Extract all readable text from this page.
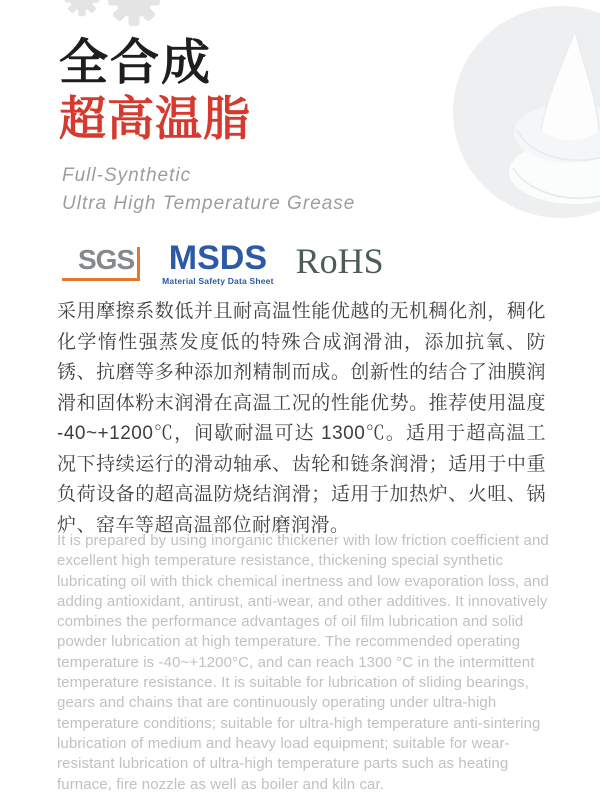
全合成
超高温脂
Full-Synthetic
Ultra High Temperature Grease
SGS MSDS
Material Safety Data Sheet RoHS

采用摩擦系数低并且耐高温性能优越的无机稠化剂，稠化化学惰性强蒸发度低的特殊合成润滑油，添加抗氧、防锈、抗磨等多种添加剂精制而成。创新性的结合了油膜润滑和固体粉末润滑在高温工况的性能优势。推荐使用温度 -40~+1200℃，间歇耐温可达 1300℃。适用于超高温工况下持续运行的滑动轴承、齿轮和链条润滑；适用于中重负荷设备的超高温防烧结润滑；适用于加热炉、火咀、锅炉、窑车等超高温部位耐磨润滑。

It is prepared by using inorganic thickener with low friction coefficient and excellent high temperature resistance, thickening special synthetic lubricating oil with thick chemical inertness and low evaporation loss, and adding antioxidant, antirust, anti-wear, and other additives. It innovatively combines the performance advantages of oil film lubrication and solid powder lubrication at high temperature. The recommended operating temperature is -40~+1200°C, and can reach 1300 °C in the intermittent temperature resistance. It is suitable for lubrication of sliding bearings, gears and chains that are continuously operating under ultra-high temperature conditions; suitable for ultra-high temperature anti-sintering lubrication of medium and heavy load equipment; suitable for wear-resistant lubrication of ultra-high temperature parts such as heating furnace, fire nozzle as well as boiler and kiln car.
